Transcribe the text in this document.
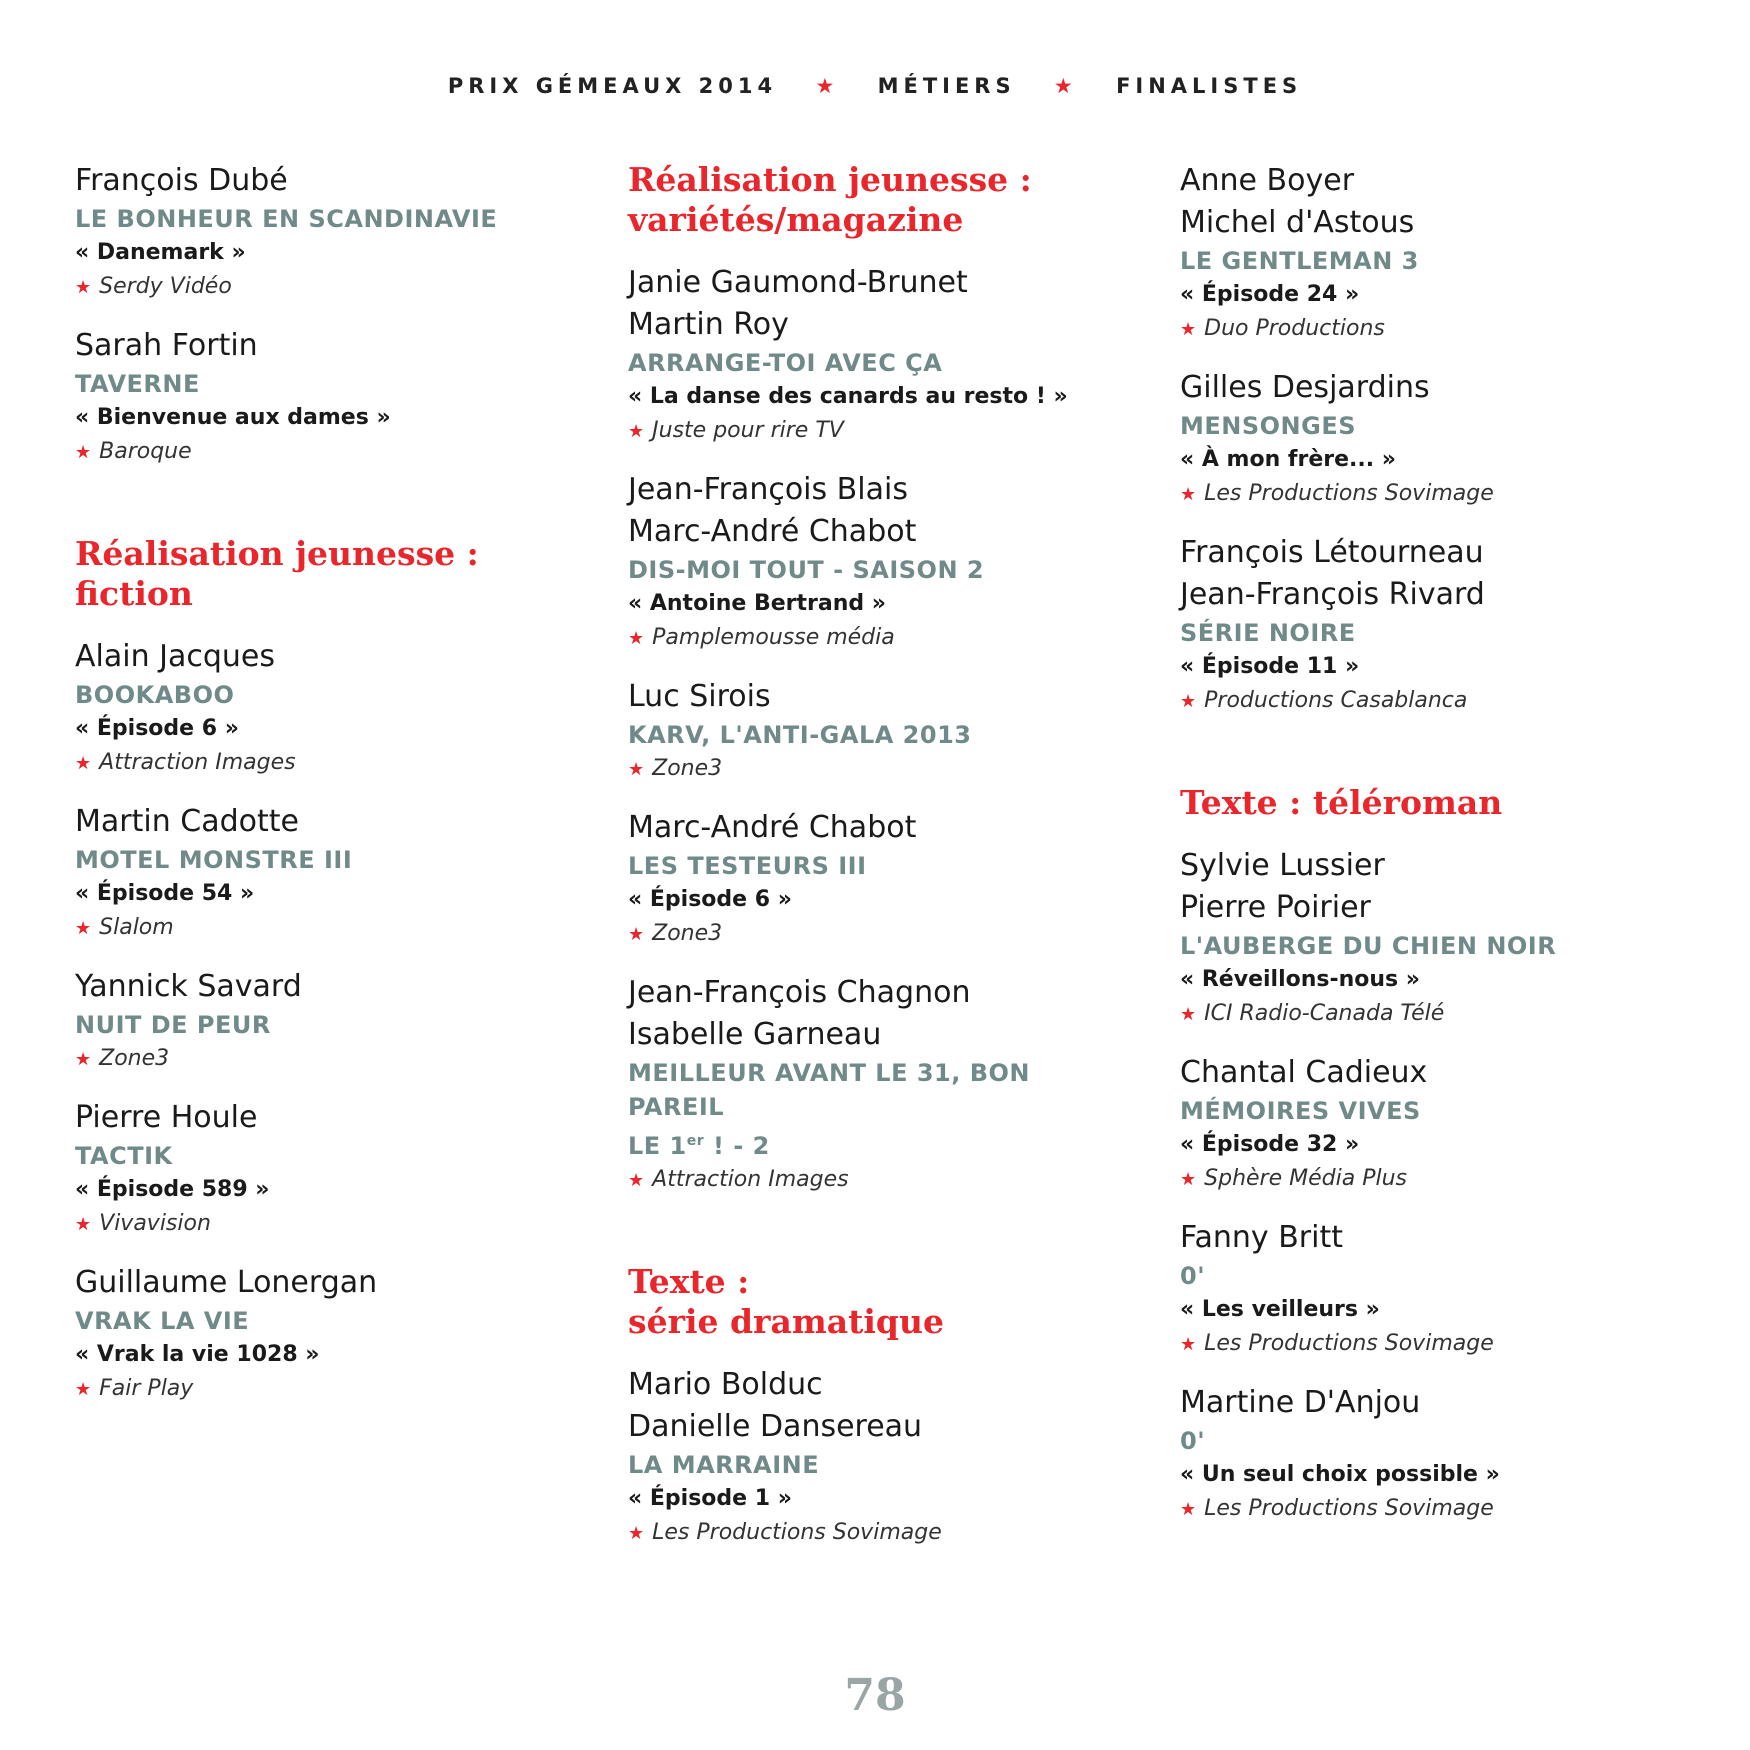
PRIX GÉMEAUX 2014 ★ MÉTIERS ★ FINALISTES
François Dubé
LE BONHEUR EN SCANDINAVIE
« Danemark »
★ Serdy Vidéo
Sarah Fortin
TAVERNE
« Bienvenue aux dames »
★ Baroque
Réalisation jeunesse :
fiction
Alain Jacques
BOOKABOO
« Épisode 6 »
★ Attraction Images
Martin Cadotte
MOTEL MONSTRE III
« Épisode 54 »
★ Slalom
Yannick Savard
NUIT DE PEUR
★ Zone3
Pierre Houle
TACTIK
« Épisode 589 »
★ Vivavision
Guillaume Lonergan
VRAK LA VIE
« Vrak la vie 1028 »
★ Fair Play
Réalisation jeunesse :
variétés/magazine
Janie Gaumond-Brunet
Martin Roy
ARRANGE-TOI AVEC ÇA
« La danse des canards au resto ! »
★ Juste pour rire TV
Jean-François Blais
Marc-André Chabot
DIS-MOI TOUT - SAISON 2
« Antoine Bertrand »
★ Pamplemousse média
Luc Sirois
KARV, L'ANTI-GALA 2013
★ Zone3
Marc-André Chabot
LES TESTEURS III
« Épisode 6 »
★ Zone3
Jean-François Chagnon
Isabelle Garneau
MEILLEUR AVANT LE 31, BON PAREIL
LE 1er ! - 2
★ Attraction Images
Texte :
série dramatique
Mario Bolduc
Danielle Dansereau
LA MARRAINE
« Épisode 1 »
★ Les Productions Sovimage
Anne Boyer
Michel d'Astous
LE GENTLEMAN 3
« Épisode 24 »
★ Duo Productions
Gilles Desjardins
MENSONGES
« À mon frère... »
★ Les Productions Sovimage
François Létourneau
Jean-François Rivard
SÉRIE NOIRE
« Épisode 11 »
★ Productions Casablanca
Texte : téléroman
Sylvie Lussier
Pierre Poirier
L'AUBERGE DU CHIEN NOIR
« Réveillons-nous »
★ ICI Radio-Canada Télé
Chantal Cadieux
MÉMOIRES VIVES
« Épisode 32 »
★ Sphère Média Plus
Fanny Britt
0'
« Les veilleurs »
★ Les Productions Sovimage
Martine D'Anjou
0'
« Un seul choix possible »
★ Les Productions Sovimage
78
